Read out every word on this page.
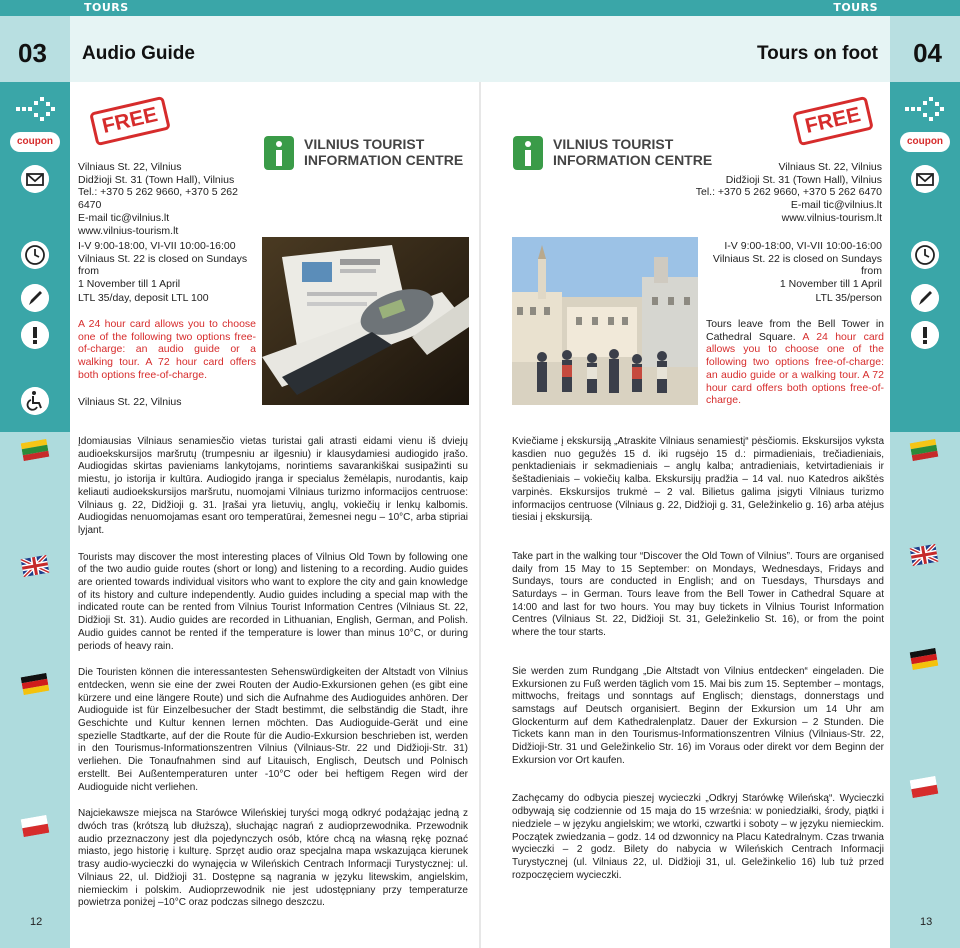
TOURS	TOURS
03	04
Audio Guide	Tours on foot
coupon	coupon
FREE
VILNIUS TOURIST
INFORMATION CENTRE

Vilniaus St. 22, Vilnius

Didžioji St. 31 (Town Hall), Vilnius

Tel.: +370 5 262 9660, +370 5 262 6470

E-mail tic@vilnius.lt

www.vilnius-tourism.lt

I-V 9:00-18:00, VI-VII 10:00-16:00

Vilniaus St. 22 is closed on Sundays from

1 November till 1 April

LTL 35/day, deposit LTL 100
A 24 hour card allows you to choose one of the following two options free-of-charge: an audio guide or a walking tour. A 72 hour card offers both options free-of-charge.
Vilniaus St. 22, Vilnius

Įdomiausias Vilniaus senamiesčio vietas turistai gali atrasti eidami vienu iš dviejų audioekskursijos maršrutų (trumpesniu ar ilgesniu) ir klausydamiesi audiogido įrašo. Audiogidas skirtas pavieniams lankytojams, norintiems savarankiškai susipažinti su miestu, jo istorija ir kultūra. Audiogido įranga ir specialus žemėlapis, nurodantis, kaip keliauti audioekskursijos maršrutu, nuomojami Vilniaus turizmo informacijos centruose: Vilniaus g. 22, Didžioji g. 31. Įrašai yra lietuvių, anglų, vokiečių ir lenkų kalbomis. Audiogidas nenuomojamas esant oro temperatūrai, žemesnei negu – 10°C, arba stipriai lyjant.

Tourists may discover the most interesting places of Vilnius Old Town by following one of the two audio guide routes (short or long) and listening to a recording. Audio guides are oriented towards individual visitors who want to explore the city and gain knowledge of its history and culture independently. Audio guides including a special map with the indicated route can be rented from Vilnius Tourist Information Centres (Vilniaus St. 22, Didžioji St. 31). Audio guides are recorded in Lithuanian, English, German, and Polish. Audio guides cannot be rented if the temperature is lower than minus 10°C, or during periods of heavy rain.

Die Touristen können die interessantesten Sehenswürdigkeiten der Altstadt von Vilnius entdecken, wenn sie eine der zwei Routen der Audio-Exkursionen gehen (es gibt eine kürzere und eine längere Route) und sich die Aufnahme des Audioguides anhören. Der Audioguide ist für Einzelbesucher der Stadt bestimmt, die selbständig die Stadt, ihre Geschichte und Kultur kennen lernen möchten. Das Audioguide-Gerät und eine spezielle Stadtkarte, auf der die Route für die Audio-Exkursion beschrieben ist, werden in den Tourismus-Informationszentren Vilnius (Vilniaus-Str. 22 und Didžioji-Str. 31) verliehen. Die Tonaufnahmen sind auf Litauisch, Englisch, Deutsch und Polnisch erstellt. Bei Außentemperaturen unter -10°C oder bei heftigem Regen wird der Audioguide nicht verliehen.

Najciekawsze miejsca na Starówce Wileńskiej turyści mogą odkryć podążając jedną z dwóch tras (krótszą lub dłuższą), słuchając nagrań z audioprzewodnika. Przewodnik audio przeznaczony jest dla pojedynczych osób, które chcą na własną rękę poznać miasto, jego historię i kulturę. Sprzęt audio oraz specjalna mapa wskazująca kierunek trasy audio-wycieczki do wynajęcia w Wileńskich Centrach Informacji Turystycznej: ul. Vilniaus 22, ul. Didžioji 31. Dostępne są nagrania w języku litewskim, angielskim, niemieckim i polskim. Audioprzewodnik nie jest udostępniany przy temperaturze powietrza poniżej –10°C oraz podczas silnego deszczu.

12
FREE
VILNIUS TOURIST
INFORMATION CENTRE	Vilniaus St. 22, Vilnius

Didžioji St. 31 (Town Hall), Vilnius

Tel.: +370 5 262 9660, +370 5 262 6470

E-mail tic@vilnius.lt

www.vilnius-tourism.lt

I-V 9:00-18:00, VI-VII 10:00-16:00

Vilniaus St. 22 is closed on Sundays from

1 November till 1 April

LTL 35/person
Tours leave from the Bell Tower in Cathedral Square. A 24 hour card allows you to choose one of the following two options free-of-charge: an audio guide or a walking tour. A 72 hour card offers both options free-of-charge.

Kviečiame į ekskursiją „Atraskite Vilniaus senamiestį“ pėsčiomis. Ekskursijos vyksta kasdien nuo gegužės 15 d. iki rugsėjo 15 d.: pirmadieniais, trečiadieniais, penktadieniais ir sekmadieniais – anglų kalba; antradieniais, ketvirtadieniais ir šeštadieniais – vokiečių kalba. Ekskursijų pradžia – 14 val. nuo Katedros aikštės varpinės. Ekskursijos trukmė – 2 val. Bilietus galima įsigyti Vilniaus turizmo informacijos centruose (Vilniaus g. 22, Didžioji g. 31, Geležinkelio g. 16) arba atėjus tiesiai į ekskursiją.

Take part in the walking tour “Discover the Old Town of Vilnius”. Tours are organised daily from 15 May to 15 September: on Mondays, Wednesdays, Fridays and Sundays, tours are conducted in English; and on Tuesdays, Thursdays and Saturdays – in German. Tours leave from the Bell Tower in Cathedral Square at 14:00 and last for two hours. You may buy tickets in Vilnius Tourist Information Centres (Vilniaus St. 22, Didžioji St. 31, Geležinkelio St. 16), or from the point where the tour starts.

Sie werden zum Rundgang „Die Altstadt von Vilnius entdecken“ eingeladen. Die Exkursionen zu Fuß werden täglich vom 15. Mai bis zum 15. September – montags, mittwochs, freitags und sonntags auf Englisch; dienstags, donnerstags und samstags auf Deutsch organisiert. Beginn der Exkursion um 14 Uhr am Glockenturm auf dem Kathedralenplatz. Dauer der Exkursion – 2 Stunden. Die Tickets kann man in den Tourismus-Informationszentren Vilnius (Vilniaus-Str. 22, Didžioji-Str. 31 und Geležinkelio Str. 16) im Voraus oder direkt vor dem Beginn der Exkursion vor Ort kaufen.

Zachęcamy do odbycia pieszej wycieczki „Odkryj Starówkę Wileńską“. Wycieczki odbywają się codziennie od 15 maja do 15 września: w poniedziałki, środy, piątki i niedziele – w języku angielskim; we wtorki, czwartki i soboty – w języku niemieckim. Początek zwiedzania – godz. 14 od dzwonnicy na Placu Katedralnym. Czas trwania wycieczki – 2 godz. Bilety do nabycia w Wileńskich Centrach Informacji Turystycznej (ul. Vilniaus 22, ul. Didžioji 31, ul. Geležinkelio 16) lub tuż przed rozpoczęciem wycieczki.

13
